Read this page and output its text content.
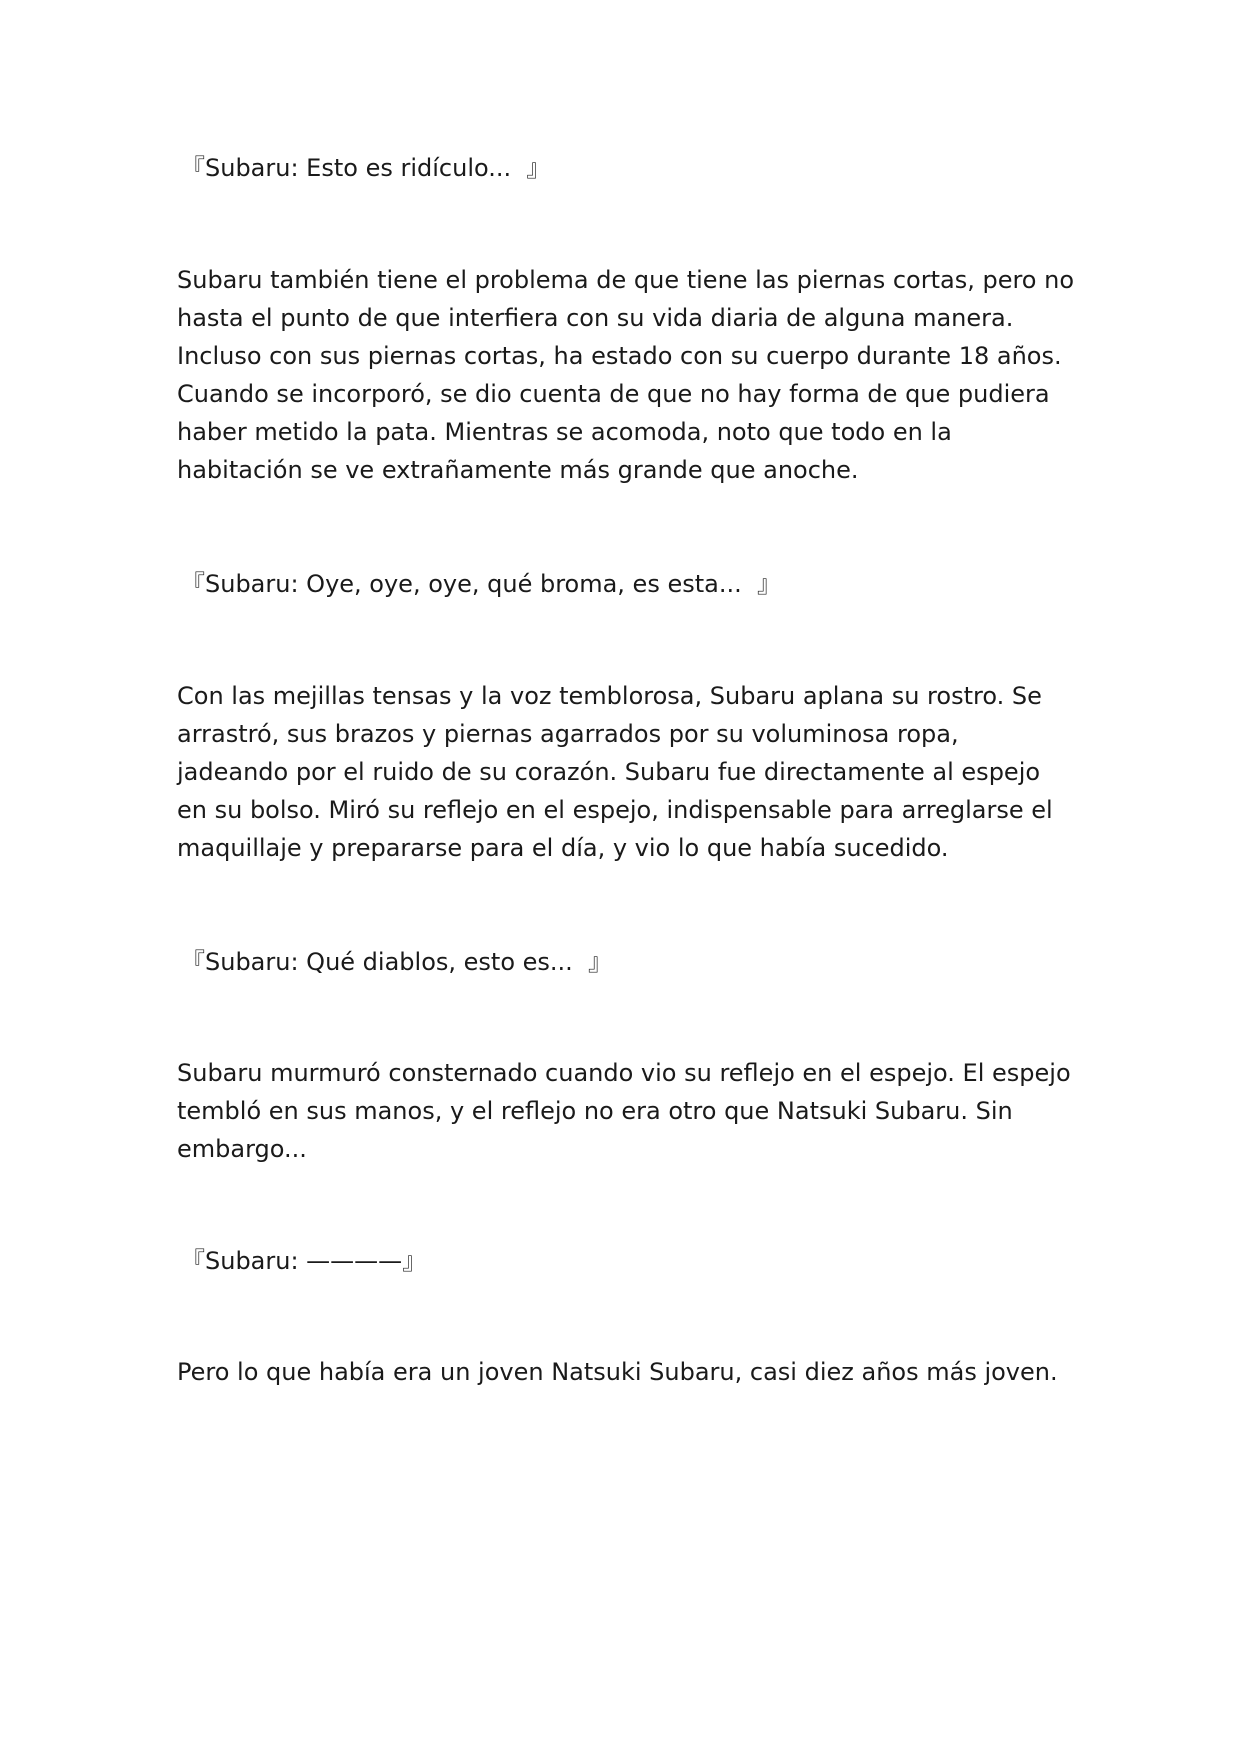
『Subaru: Esto es ridículo...  』

Subaru también tiene el problema de que tiene las piernas cortas, pero no hasta el punto de que interfiera con su vida diaria de alguna manera. Incluso con sus piernas cortas, ha estado con su cuerpo durante 18 años. Cuando se incorporó, se dio cuenta de que no hay forma de que pudiera haber metido la pata. Mientras se acomoda, noto que todo en la habitación se ve extrañamente más grande que anoche.

『Subaru: Oye, oye, oye, qué broma, es esta...  』

Con las mejillas tensas y la voz temblorosa, Subaru aplana su rostro. Se arrastró, sus brazos y piernas agarrados por su voluminosa ropa, jadeando por el ruido de su corazón. Subaru fue directamente al espejo en su bolso. Miró su reflejo en el espejo, indispensable para arreglarse el maquillaje y prepararse para el día, y vio lo que había sucedido.

『Subaru: Qué diablos, esto es...  』

Subaru murmuró consternado cuando vio su reflejo en el espejo. El espejo tembló en sus manos, y el reflejo no era otro que Natsuki Subaru. Sin embargo...

『Subaru: ————』

Pero lo que había era un joven Natsuki Subaru, casi diez años más joven.
